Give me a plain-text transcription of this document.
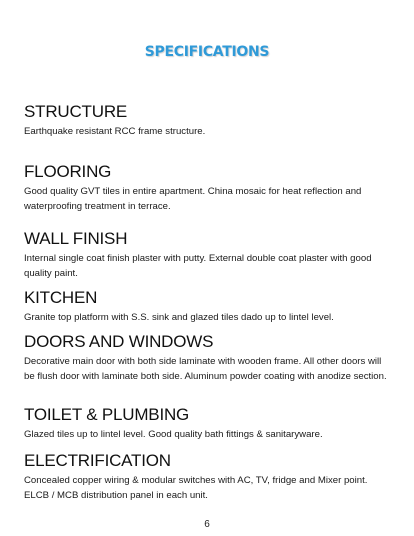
SPECIFICATIONS
STRUCTURE

Earthquake resistant RCC frame structure.

FLOORING

Good quality GVT tiles in entire apartment. China mosaic for heat reflection and waterproofing treatment in terrace.

WALL FINISH

Internal single coat finish plaster with putty. External double coat plaster with good quality paint.

KITCHEN

Granite top platform with S.S. sink and glazed tiles dado up to lintel level.

DOORS AND WINDOWS

Decorative main door with both side laminate with wooden frame. All other doors will be flush door with laminate both side. Aluminum powder coating with anodize section.

TOILET & PLUMBING

Glazed tiles up to lintel level. Good quality bath fittings & sanitaryware.

ELECTRIFICATION

Concealed copper wiring & modular switches with AC, TV, fridge and Mixer point. ELCB / MCB distribution panel in each unit.

6
